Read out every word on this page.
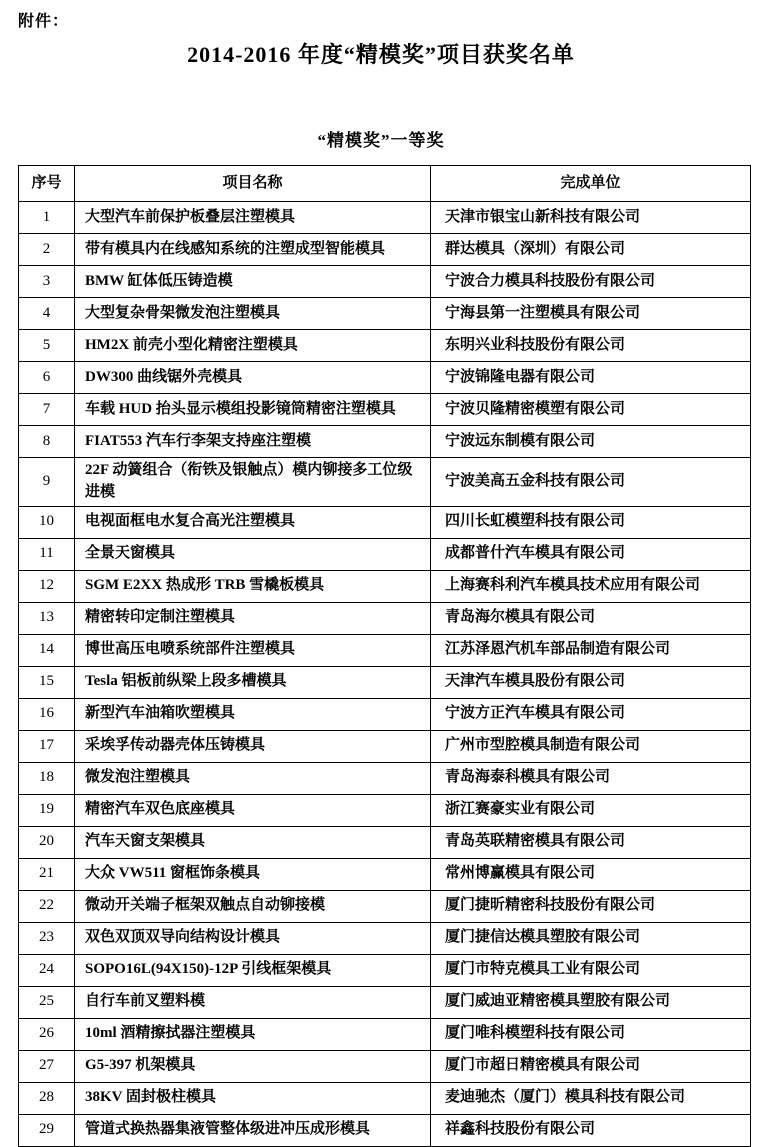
附件：
2014-2016 年度“精模奖”项目获奖名单
“精模奖”一等奖
序号	项目名称	完成单位
1	大型汽车前保护板叠层注塑模具	天津市银宝山新科技有限公司
2	带有模具内在线感知系统的注塑成型智能模具	群达模具（深圳）有限公司
3	BMW 缸体低压铸造模	宁波合力模具科技股份有限公司
4	大型复杂骨架微发泡注塑模具	宁海县第一注塑模具有限公司
5	HM2X 前壳小型化精密注塑模具	东明兴业科技股份有限公司
6	DW300 曲线锯外壳模具	宁波锦隆电器有限公司
7	车载 HUD 抬头显示模组投影镜筒精密注塑模具	宁波贝隆精密模塑有限公司
8	FIAT553 汽车行李架支持座注塑模	宁波远东制模有限公司
9	22F 动簧组合（衔铁及银触点）模内铆接多工位级进模	宁波美高五金科技有限公司
10	电视面框电水复合高光注塑模具	四川长虹模塑科技有限公司
11	全景天窗模具	成都普什汽车模具有限公司
12	SGM E2XX 热成形 TRB 雪橇板模具	上海赛科利汽车模具技术应用有限公司
13	精密转印定制注塑模具	青岛海尔模具有限公司
14	博世高压电喷系统部件注塑模具	江苏泽恩汽机车部品制造有限公司
15	Tesla 铝板前纵梁上段多槽模具	天津汽车模具股份有限公司
16	新型汽车油箱吹塑模具	宁波方正汽车模具有限公司
17	采埃孚传动器壳体压铸模具	广州市型腔模具制造有限公司
18	微发泡注塑模具	青岛海泰科模具有限公司
19	精密汽车双色底座模具	浙江赛豪实业有限公司
20	汽车天窗支架模具	青岛英联精密模具有限公司
21	大众 VW511 窗框饰条模具	常州博赢模具有限公司
22	微动开关端子框架双触点自动铆接模	厦门捷昕精密科技股份有限公司
23	双色双顶双导向结构设计模具	厦门捷信达模具塑胶有限公司
24	SOPO16L(94X150)-12P 引线框架模具	厦门市特克模具工业有限公司
25	自行车前叉塑料模	厦门威迪亚精密模具塑胶有限公司
26	10ml 酒精擦拭器注塑模具	厦门唯科模塑科技有限公司
27	G5-397 机架模具	厦门市超日精密模具有限公司
28	38KV 固封极柱模具	麦迪驰杰（厦门）模具科技有限公司
29	管道式换热器集液管整体级进冲压成形模具	祥鑫科技股份有限公司
